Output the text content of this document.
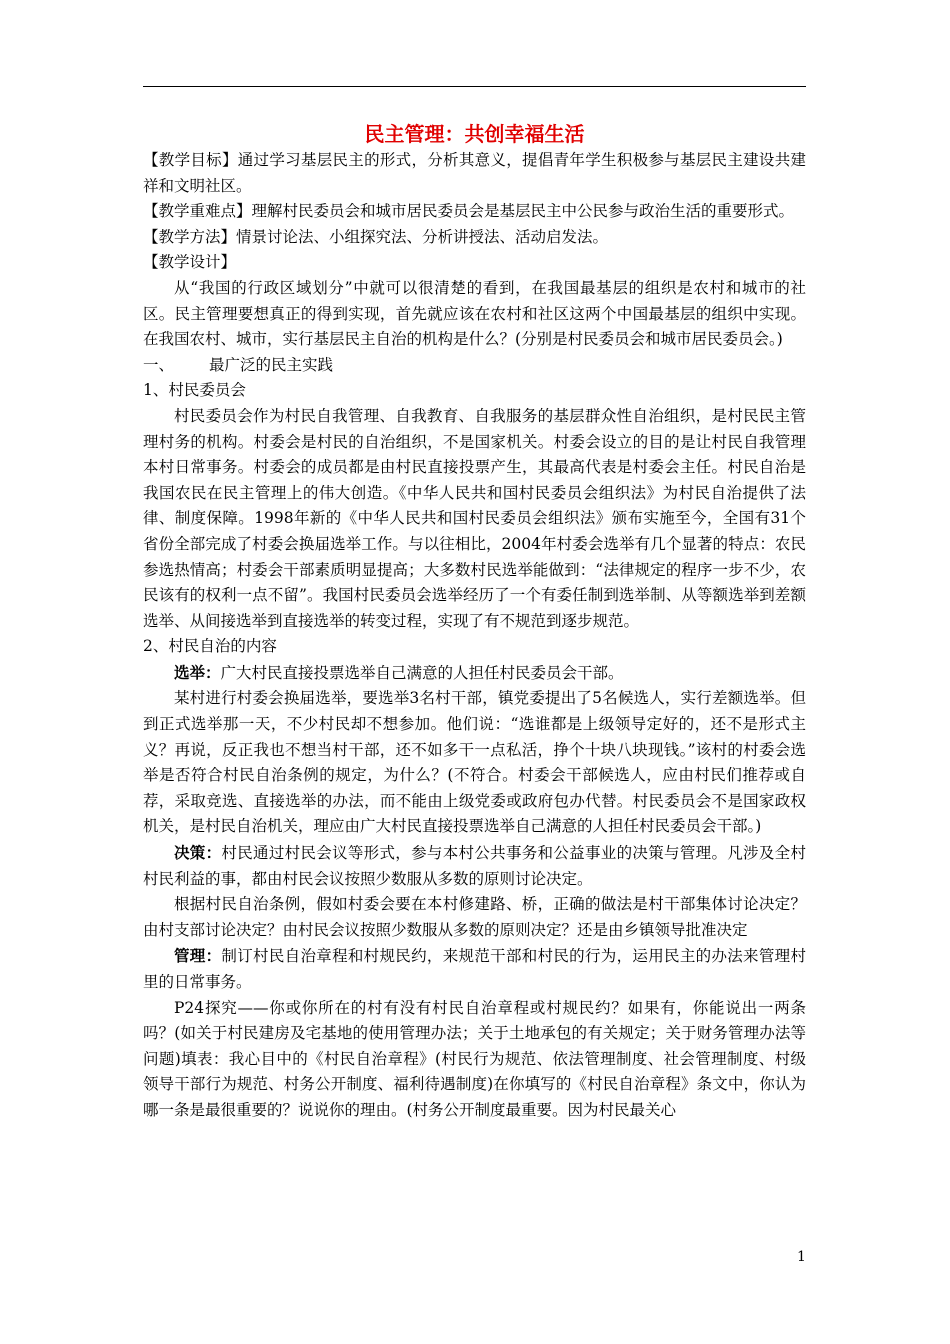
民主管理：共创幸福生活

【教学目标】通过学习基层民主的形式，分析其意义，提倡青年学生积极参与基层民主建设共建祥和文明社区。

【教学重难点】理解村民委员会和城市居民委员会是基层民主中公民参与政治生活的重要形式。

【教学方法】情景讨论法、小组探究法、分析讲授法、活动启发法。

【教学设计】

从“我国的行政区域划分”中就可以很清楚的看到，在我国最基层的组织是农村和城市的社区。民主管理要想真正的得到实现，首先就应该在农村和社区这两个中国最基层的组织中实现。在我国农村、城市，实行基层民主自治的机构是什么？(分别是村民委员会和城市居民委员会。)

一、 最广泛的民主实践

1、村民委员会

村民委员会作为村民自我管理、自我教育、自我服务的基层群众性自治组织，是村民民主管理村务的机构。村委会是村民的自治组织，不是国家机关。村委会设立的目的是让村民自我管理本村日常事务。村委会的成员都是由村民直接投票产生，其最高代表是村委会主任。村民自治是我国农民在民主管理上的伟大创造。《中华人民共和国村民委员会组织法》为村民自治提供了法律、制度保障。1998年新的《中华人民共和国村民委员会组织法》颁布实施至今，全国有31个省份全部完成了村委会换届选举工作。与以往相比，2004年村委会选举有几个显著的特点：农民参选热情高；村委会干部素质明显提高；大多数村民选举能做到：“法律规定的程序一步不少，农民该有的权利一点不留”。我国村民委员会选举经历了一个有委任制到选举制、从等额选举到差额选举、从间接选举到直接选举的转变过程，实现了有不规范到逐步规范。

2、村民自治的内容

选举：广大村民直接投票选举自己满意的人担任村民委员会干部。

某村进行村委会换届选举，要选举3名村干部，镇党委提出了5名候选人，实行差额选举。但到正式选举那一天，不少村民却不想参加。他们说：“选谁都是上级领导定好的，还不是形式主义？再说，反正我也不想当村干部，还不如多干一点私活，挣个十块八块现钱。”该村的村委会选举是否符合村民自治条例的规定，为什么？(不符合。村委会干部候选人，应由村民们推荐或自荐，采取竞选、直接选举的办法，而不能由上级党委或政府包办代替。村民委员会不是国家政权机关，是村民自治机关，理应由广大村民直接投票选举自己满意的人担任村民委员会干部。)

决策：村民通过村民会议等形式，参与本村公共事务和公益事业的决策与管理。凡涉及全村村民利益的事，都由村民会议按照少数服从多数的原则讨论决定。

根据村民自治条例，假如村委会要在本村修建路、桥，正确的做法是村干部集体讨论决定？由村支部讨论决定？由村民会议按照少数服从多数的原则决定？还是由乡镇领导批准决定

管理：制订村民自治章程和村规民约，来规范干部和村民的行为，运用民主的办法来管理村里的日常事务。

P24探究——你或你所在的村有没有村民自治章程或村规民约？如果有，你能说出一两条吗？(如关于村民建房及宅基地的使用管理办法；关于土地承包的有关规定；关于财务管理办法等问题)填表：我心目中的《村民自治章程》(村民行为规范、依法管理制度、社会管理制度、村级领导干部行为规范、村务公开制度、福利待遇制度)在你填写的《村民自治章程》条文中，你认为哪一条是最很重要的？说说你的理由。(村务公开制度最重要。因为村民最关心

1
